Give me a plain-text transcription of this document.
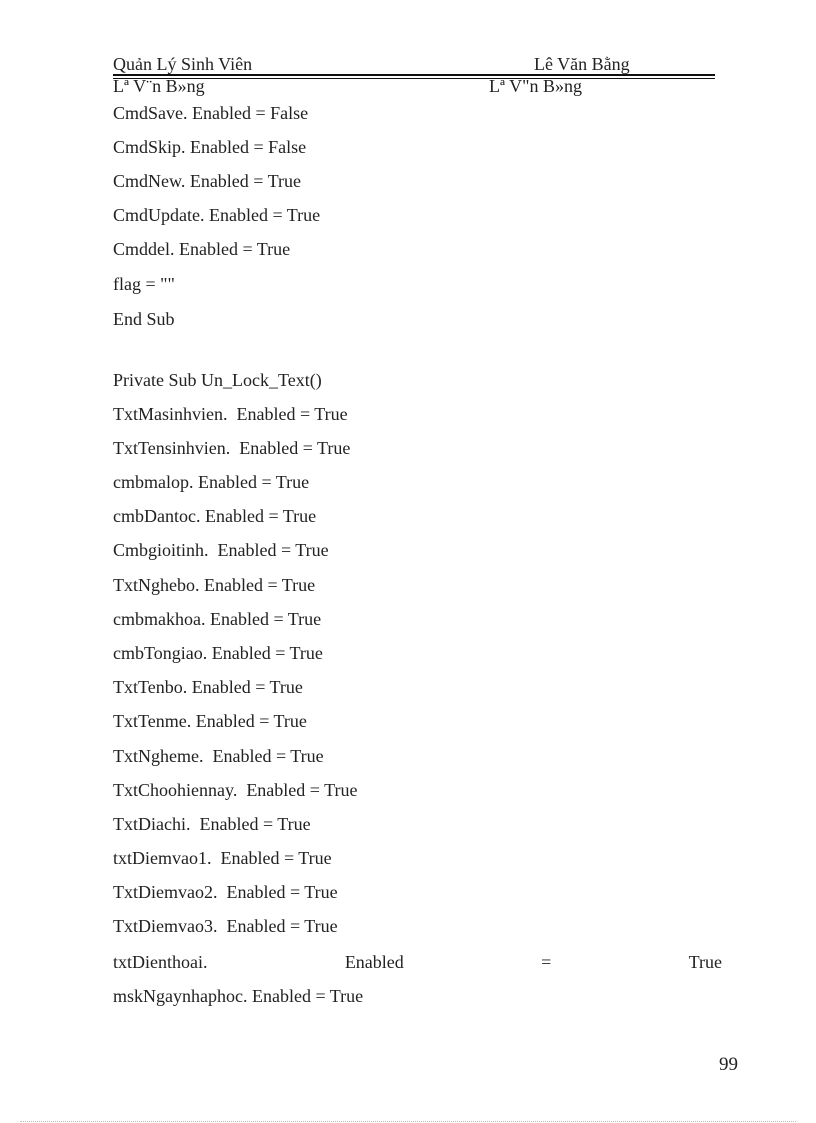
Quản Lý Sinh Viên	Lê Văn Bằng
Lª V¨n B»ng	Lª V"n B»ng
CmdSave. Enabled = False
CmdSkip. Enabled = False
CmdNew. Enabled = True
CmdUpdate. Enabled = True
Cmddel. Enabled = True
flag = ""
End Sub
Private Sub Un_Lock_Text()
TxtMasinhvien.  Enabled = True
TxtTensinhvien.  Enabled = True
cmbmalop. Enabled = True
cmbDantoc. Enabled = True
Cmbgioitinh.  Enabled = True
TxtNghebo. Enabled = True
cmbmakhoa. Enabled = True
cmbTongiao. Enabled = True
TxtTenbo. Enabled = True
TxtTenme. Enabled = True
TxtNgheme.  Enabled = True
TxtChoohiennay.  Enabled = True
TxtDiachi.  Enabled = True
txtDiemvao1.  Enabled = True
TxtDiemvao2.  Enabled = True
TxtDiemvao3.  Enabled = True
txtDienthoai.	Enabled	=	True
mskNgaynhaphoc. Enabled = True
99
